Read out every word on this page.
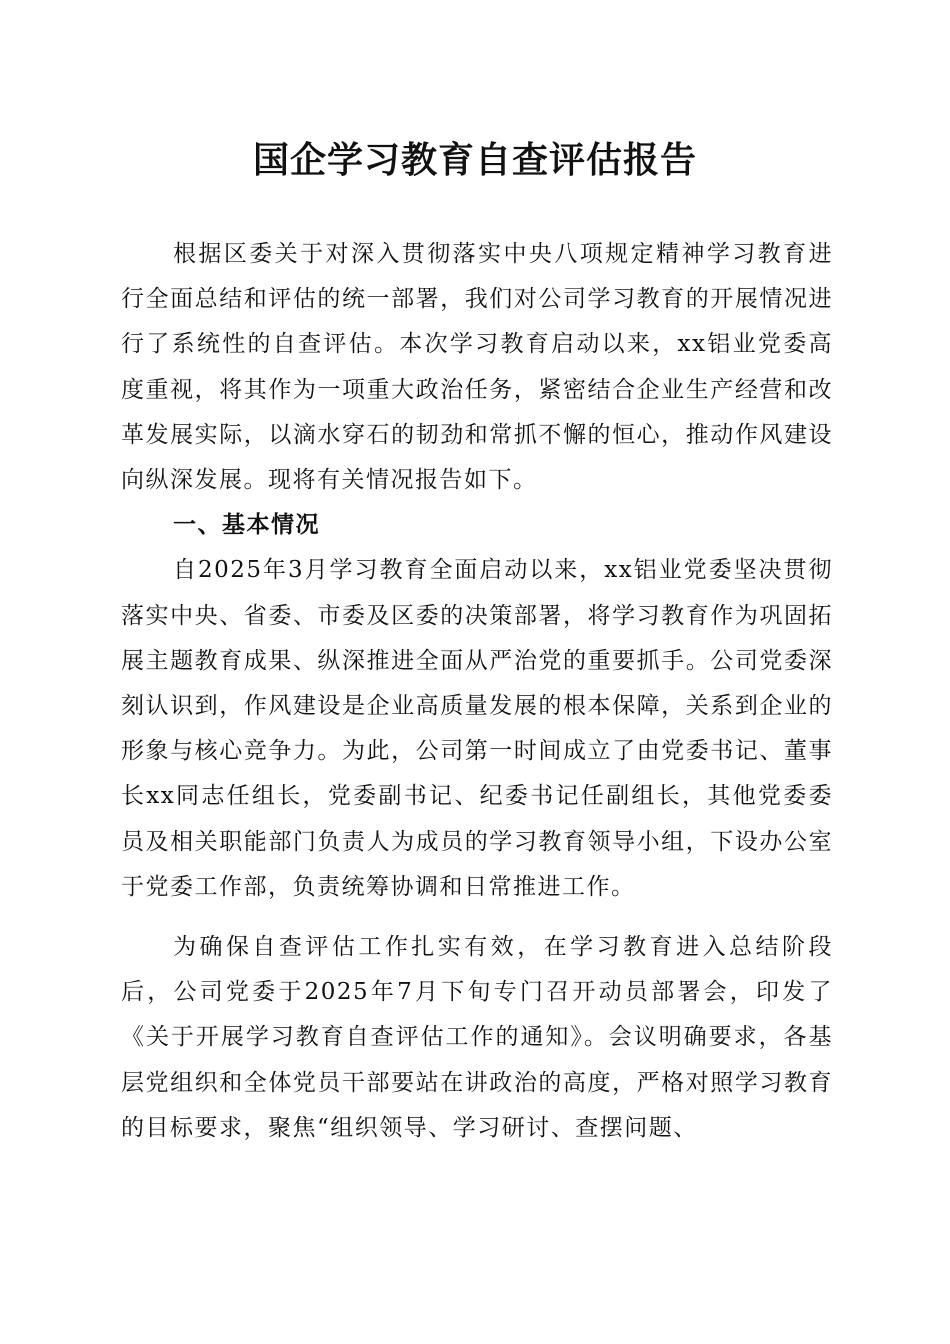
国企学习教育自查评估报告

根据区委关于对深入贯彻落实中央八项规定精神学习教育进行全面总结和评估的统一部署，我们对公司学习教育的开展情况进行了系统性的自查评估。本次学习教育启动以来，xx铝业党委高度重视，将其作为一项重大政治任务，紧密结合企业生产经营和改革发展实际，以滴水穿石的韧劲和常抓不懈的恒心，推动作风建设向纵深发展。现将有关情况报告如下。

一、基本情况

自2025年3月学习教育全面启动以来，xx铝业党委坚决贯彻落实中央、省委、市委及区委的决策部署，将学习教育作为巩固拓展主题教育成果、纵深推进全面从严治党的重要抓手。公司党委深刻认识到，作风建设是企业高质量发展的根本保障，关系到企业的形象与核心竞争力。为此，公司第一时间成立了由党委书记、董事长xx同志任组长，党委副书记、纪委书记任副组长，其他党委委员及相关职能部门负责人为成员的学习教育领导小组，下设办公室于党委工作部，负责统筹协调和日常推进工作。

为确保自查评估工作扎实有效，在学习教育进入总结阶段后，公司党委于2025年7月下旬专门召开动员部署会，印发了《关于开展学习教育自查评估工作的通知》。会议明确要求，各基层党组织和全体党员干部要站在讲政治的高度，严格对照学习教育的目标要求，聚焦“组织领导、学习研讨、查摆问题、
